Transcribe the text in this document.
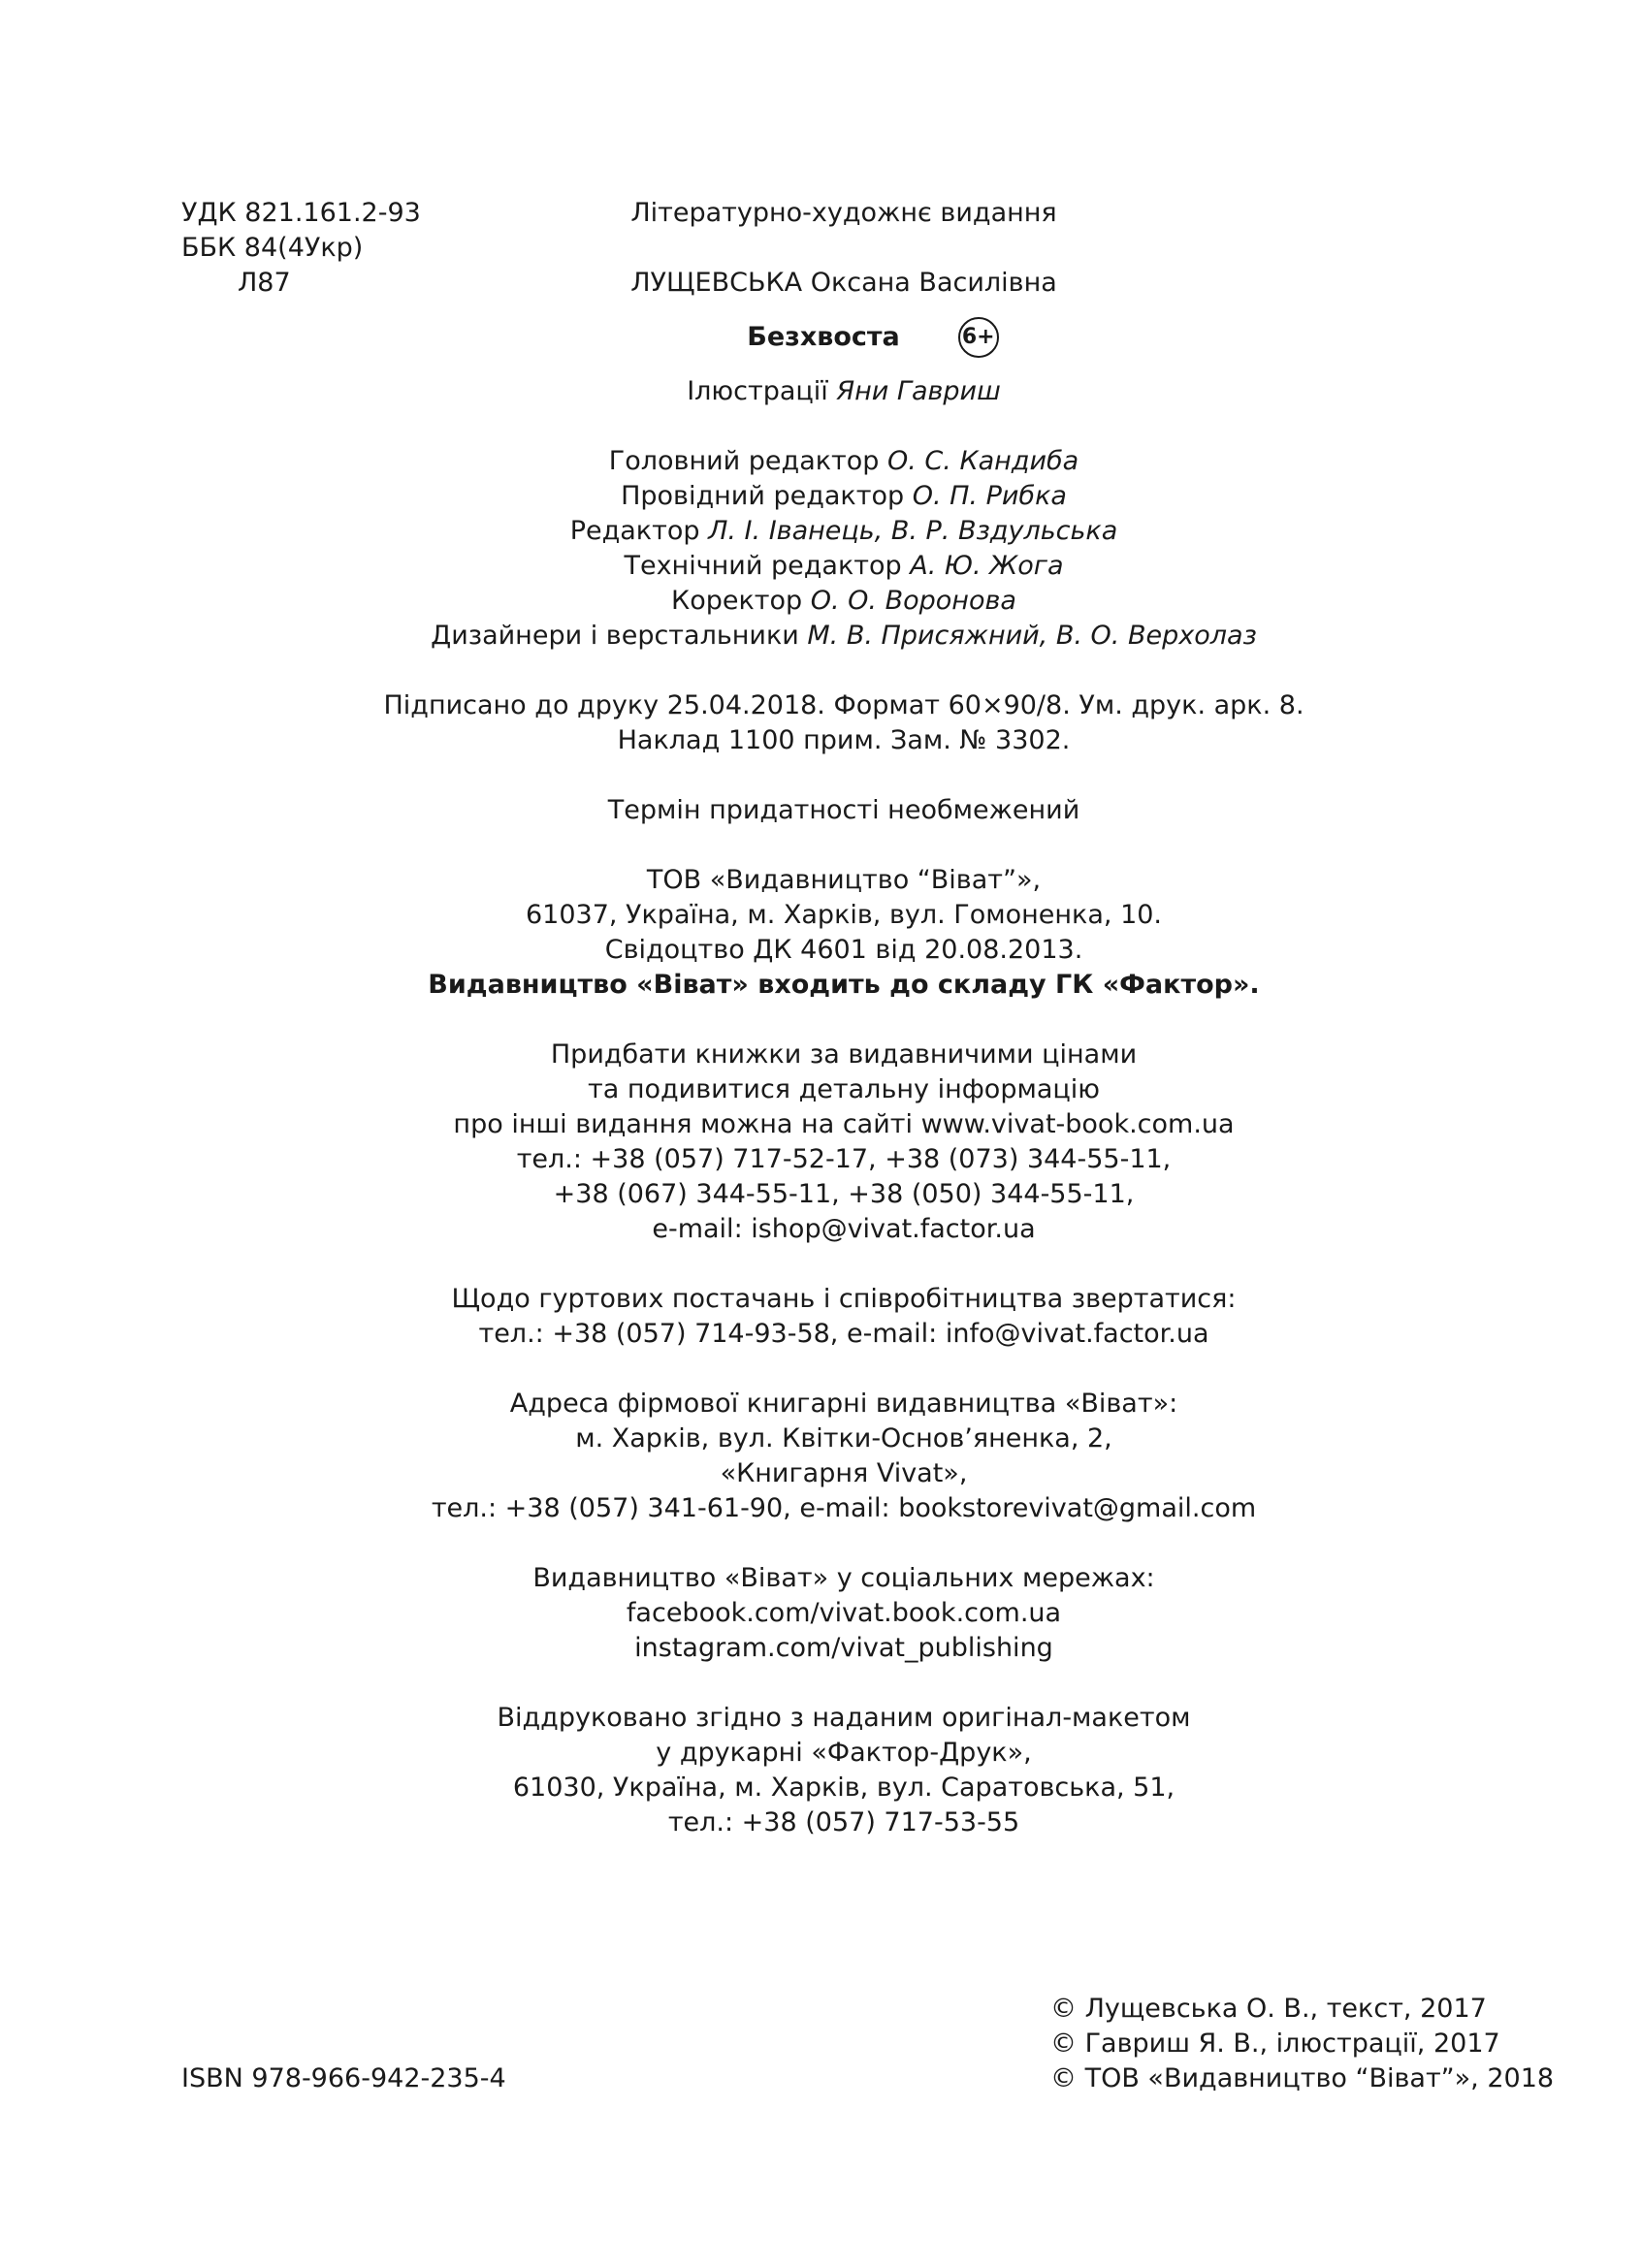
УДК 821.161.2-93
ББК 84(4Укр)
Л87
Літературно-художнє видання
ЛУЩЕВСЬКА Оксана Василівна
Безхвоста	6+
Ілюстрації Яни Гавриш
Головний редактор О. С. Кандиба
Провідний редактор О. П. Рибка
Редактор Л. І. Іванець, В. Р. Вздульська
Технічний редактор А. Ю. Жога
Коректор О. О. Воронова
Дизайнери і верстальники М. В. Присяжний, В. О. Верхолаз
Підписано до друку 25.04.2018. Формат 60×90/8. Ум. друк. арк. 8.
Наклад 1100 прим. Зам. № 3302.
Термін придатності необмежений
ТОВ «Видавництво “Віват”»,
61037, Україна, м. Харків, вул. Гомоненка, 10.
Свідоцтво ДК 4601 від 20.08.2013.
Видавництво «Віват» входить до складу ГК «Фактор».
Придбати книжки за видавничими цінами
та подивитися детальну інформацію
про інші видання можна на сайті www.vivat-book.com.ua
тел.: +38 (057) 717-52-17, +38 (073) 344-55-11,
+38 (067) 344-55-11, +38 (050) 344-55-11,
e-mail: ishop@vivat.factor.ua
Щодо гуртових постачань і співробітництва звертатися:
тел.: +38 (057) 714-93-58, e-mail: info@vivat.factor.ua
Адреса фірмової книгарні видавництва «Віват»:
м. Харків, вул. Квітки-Основ’яненка, 2,
«Книгарня Vivat»,
тел.: +38 (057) 341-61-90, e-mail: bookstorevivat@gmail.com
Видавництво «Віват» у соціальних мережах:
facebook.com/vivat.book.com.ua
instagram.com/vivat_publishing
Віддруковано згідно з наданим оригінал-макетом
у друкарні «Фактор-Друк»,
61030, Україна, м. Харків, вул. Саратовська, 51,
тел.: +38 (057) 717-53-55
ISBN 978-966-942-235-4
© Лущевська О. В., текст, 2017
© Гавриш Я. В., ілюстрації, 2017
© ТОВ «Видавництво “Віват”», 2018
